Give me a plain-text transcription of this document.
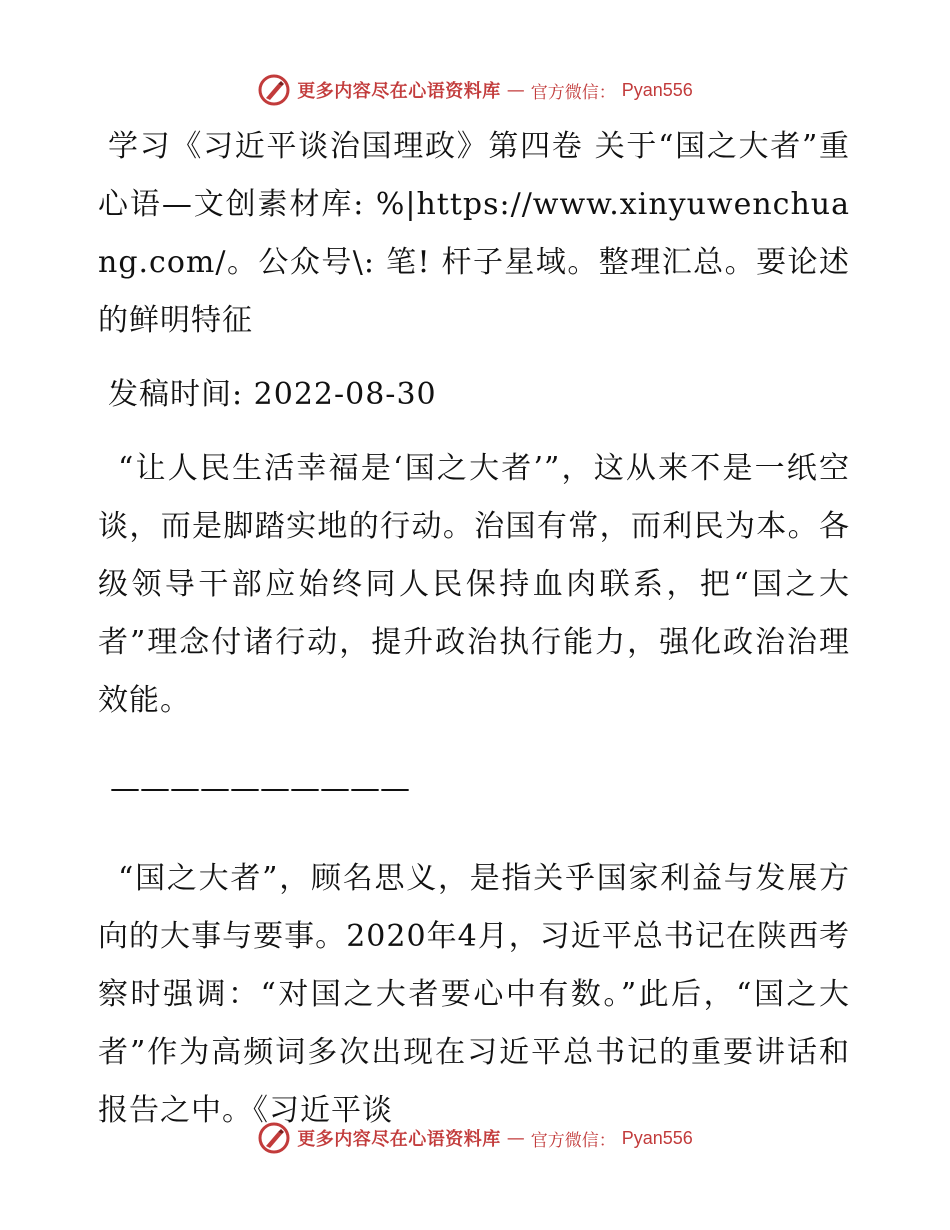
更多内容尽在心语资料库 — 官方微信： Pyan556

学习《习近平谈治国理政》第四卷 关于“国之大者”重心语—文创素材库: %|https://www.xinyuwenchuang.com/。公众号\: 笔! 杆子星域。整理汇总。要论述的鲜明特征

发稿时间: 2022-08-30

“让人民生活幸福是‘国之大者’”，这从来不是一纸空谈，而是脚踏实地的行动。治国有常，而利民为本。各级领导干部应始终同人民保持血肉联系，把“国之大者”理念付诸行动，提升政治执行能力，强化政治治理效能。

——————————

“国之大者”，顾名思义，是指关乎国家利益与发展方向的大事与要事。2020年4月，习近平总书记在陕西考察时强调：“对国之大者要心中有数。”此后，“国之大者”作为高频词多次出现在习近平总书记的重要讲话和报告之中。《习近平谈

更多内容尽在心语资料库 — 官方微信： Pyan556
